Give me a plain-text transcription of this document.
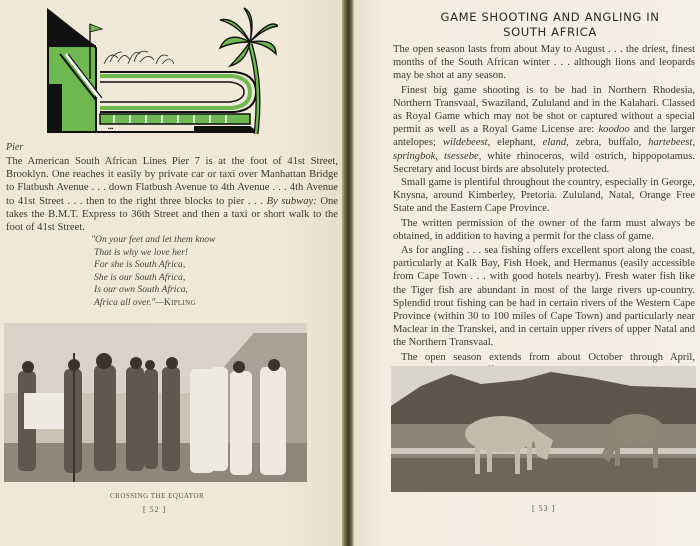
▪▪▪
Pier
The American South African Lines Pier 7 is at the foot of 41st Street, Brooklyn. One reaches it easily by private car or taxi over Manhattan Bridge to Flatbush Avenue . . . down Flatbush Avenue to 4th Avenue . . . 4th Avenue to 41st Street . . . then to the right three blocks to pier . . . By subway: One takes the B.M.T. Express to 36th Street and then a taxi or short walk to the foot of 41st Street.
"On your feet and let them know
That is why we love her!
For she is South Africa,
She is our South Africa,
Is our own South Africa,
Africa all over."—Kipling
CROSSING THE EQUATOR
[ 52 ]
GAME SHOOTING AND ANGLING IN
SOUTH AFRICA

The open season lasts from about May to August . . . the driest, finest months of the South African winter . . . although lions and leopards may be shot at any season.

Finest big game shooting is to be had in Northern Rhodesia, Northern Transvaal, Swaziland, Zululand and in the Kalahari. Classed as Royal Game which may not be shot or captured without a special permit as well as a Royal Game License are: koodoo and the larger antelopes; wildebeest, elephant, eland, zebra, buffalo, hartebeest, springbok, tsessebe, white rhinoceros, wild ostrich, hippopotamus. Secretary and locust birds are absolutely protected.

Small game is plentiful throughout the country, especially in George, Knysna, around Kimberley, Pretoria. Zululand, Natal, Orange Free State and the Eastern Cape Province.

The written permission of the owner of the farm must always be obtained, in addition to having a permit for the class of game.

As for angling . . . sea fishing offers excellent sport along the coast, particularly at Kalk Bay, Fish Hoek, and Hermanus (easily accessible from Cape Town . . . with good hotels nearby). Fresh water fish like the Tiger fish are abundant in most of the large rivers up-country. Splendid trout fishing can be had in certain rivers of the Western Cape Province (within 30 to 100 miles of Cape Town) and particularly near Maclear in the Transkei, and in certain upper rivers of upper Natal and the Northern Transvaal.

The open season extends from about October through April,

[ 53 ]
